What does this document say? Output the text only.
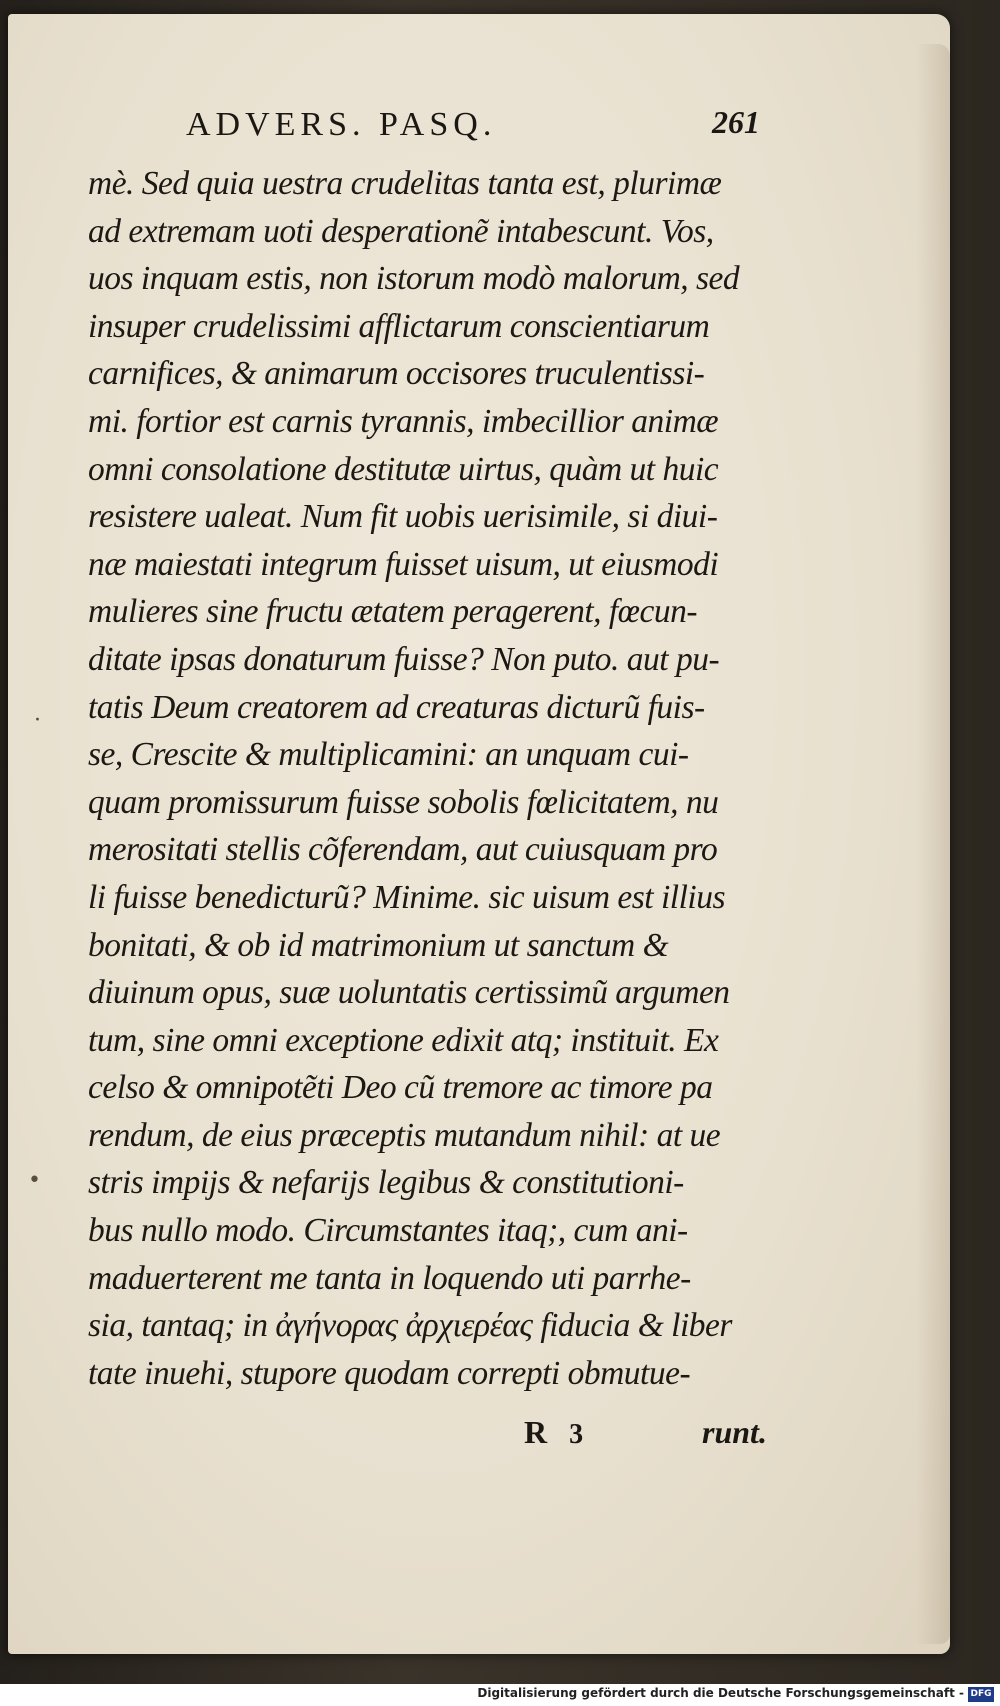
ADVERS. PASQ.	261
mè. Sed quia uestra crudelitas tanta est, plurimæ
ad extremam uoti desperationẽ intabescunt. Vos,
uos inquam estis, non istorum modò malorum, sed
insuper crudelissimi afflictarum conscientiarum
carnifices, & animarum occisores truculentissi-
mi. fortior est carnis tyrannis, imbecillior animæ
omni consolatione destitutæ uirtus, quàm ut huic
resistere ualeat. Num fit uobis uerisimile, si diui-
næ maiestati integrum fuisset uisum, ut eiusmodi
mulieres sine fructu ætatem peragerent, fœcun-
ditate ipsas donaturum fuisse? Non puto. aut pu-
tatis Deum creatorem ad creaturas dicturũ fuis-
se, Crescite & multiplicamini: an unquam cui-
quam promissurum fuisse sobolis fœlicitatem, nu
merositati stellis cõferendam, aut cuiusquam pro
li fuisse benedicturũ? Minime. sic uisum est illius
bonitati, & ob id matrimonium ut sanctum &
diuinum opus, suæ uoluntatis certissimũ argumen
tum, sine omni exceptione edixit atq; instituit. Ex
celso & omnipotẽti Deo cũ tremore ac timore pa
rendum, de eius præceptis mutandum nihil: at ue
stris impijs & nefarijs legibus & constitutioni-
bus nullo modo. Circumstantes itaq;, cum ani-
maduerterent me tanta in loquendo uti parrhe-
sia, tantaq; in ἀγήνορας ἀρχιερέας fiducia & liber
tate inuehi, stupore quodam correpti obmutue-
·
•
R 3	runt.
Digitalisierung gefördert durch die Deutsche Forschungsgemeinschaft - DFG
